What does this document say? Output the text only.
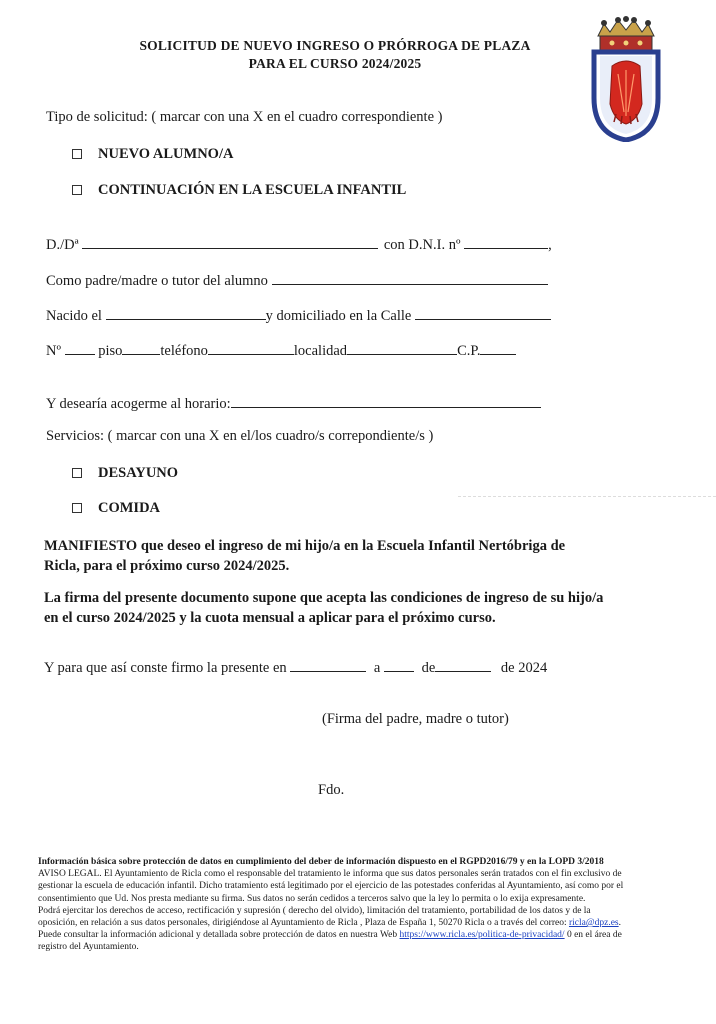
SOLICITUD DE NUEVO INGRESO O PRÓRROGA DE PLAZA
PARA EL CURSO 2024/2025
Tipo de solicitud: ( marcar con una X en el cuadro correspondiente )
NUEVO ALUMNO/A
CONTINUACIÓN EN LA ESCUELA INFANTIL
D./Dª	con D.N.I. nº	,
Como padre/madre o tutor del alumno
Nacido el	y domiciliado en la Calle
Nº	piso	teléfono	localidad	C.P.
Y desearía acogerme al horario:
Servicios: ( marcar con una X en el/los cuadro/s correpondiente/s )
DESAYUNO
COMIDA
MANIFIESTO que deseo el ingreso de mi hijo/a en la Escuela Infantil Nertóbriga de
Ricla, para el próximo curso 2024/2025.
La firma del presente documento supone que acepta las condiciones de ingreso de su hijo/a
en el curso 2024/2025 y la cuota mensual a aplicar para el próximo curso.
Y para que así conste firmo la presente en	a	de	de 2024
(Firma del padre, madre o tutor)
Fdo.
Información básica sobre protección de datos en cumplimiento del deber de información dispuesto en el RGPD2016/79 y en la LOPD 3/2018
AVISO LEGAL. El Ayuntamiento de Ricla como el responsable del tratamiento le informa que sus datos personales serán tratados con el fin exclusivo de gestionar la escuela de educación infantil. Dicho tratamiento está legitimado por el ejercicio de las potestades conferidas al Ayuntamiento, así como por el consentimiento que Ud. Nos presta mediante su firma. Sus datos no serán cedidos a terceros salvo que la ley lo permita o lo exija expresamente.
Podrá ejercitar los derechos de acceso, rectificación y supresión ( derecho del olvido), limitación del tratamiento, portabilidad de los datos y de la oposición, en relación a sus datos personales, dirigiéndose al Ayuntamiento de Ricla , Plaza de España 1, 50270 Ricla o a través del correo: ricla@dpz.es. Puede consultar la información adicional y detallada sobre protección de datos en nuestra Web https://www.ricla.es/politica-de-privacidad/ 0 en el área de registro del Ayuntamiento.
